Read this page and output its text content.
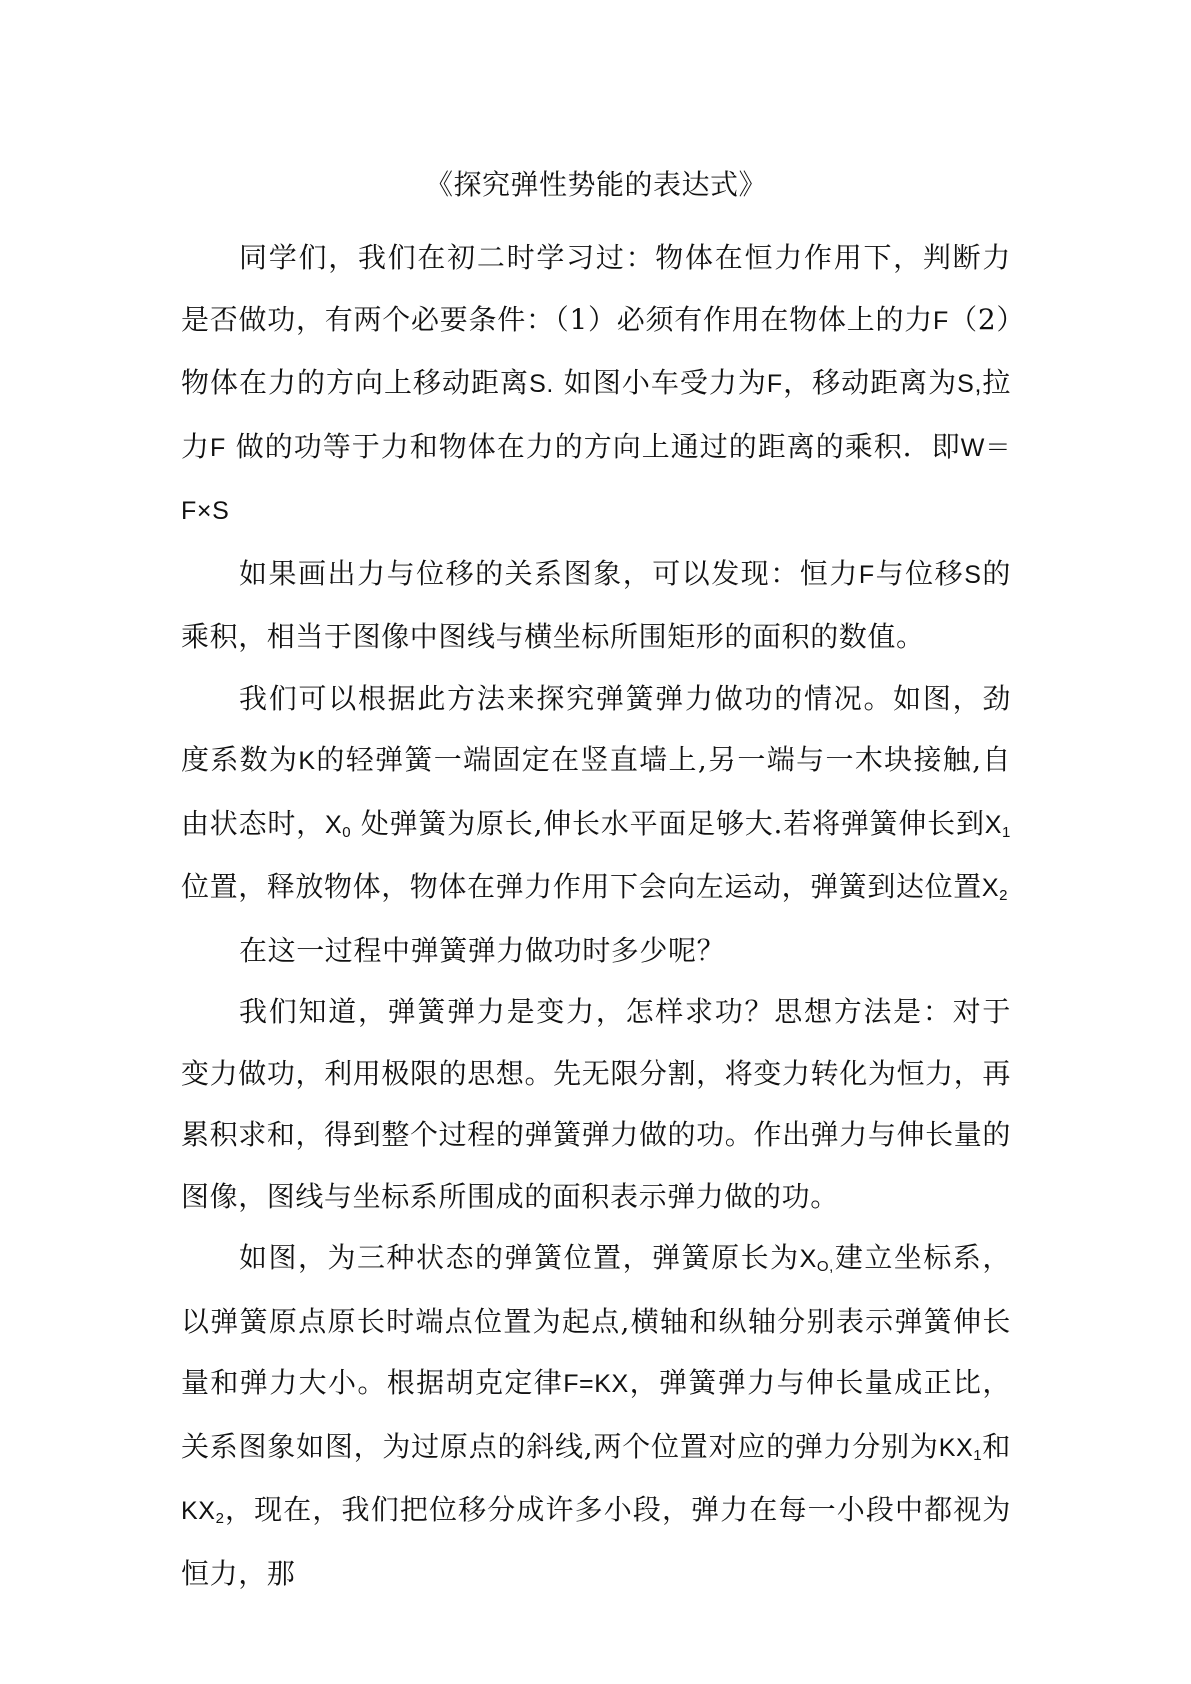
《探究弹性势能的表达式》

同学们，我们在初二时学习过：物体在恒力作用下，判断力是否做功，有两个必要条件：（1）必须有作用在物体上的力F（2）物体在力的方向上移动距离S. 如图小车受力为F，移动距离为S,拉力F 做的功等于力和物体在力的方向上通过的距离的乘积．即W＝F×S

如果画出力与位移的关系图象，可以发现：恒力F与位移S的乘积，相当于图像中图线与横坐标所围矩形的面积的数值。

我们可以根据此方法来探究弹簧弹力做功的情况。如图，劲度系数为K的轻弹簧一端固定在竖直墙上,另一端与一木块接触,自由状态时，$X_0$ 处弹簧为原长,伸长水平面足够大.若将弹簧伸长到$X_1$位置，释放物体，物体在弹力作用下会向左运动，弹簧到达位置$X_2$

在这一过程中弹簧弹力做功时多少呢？

我们知道，弹簧弹力是变力，怎样求功？思想方法是：对于变力做功，利用极限的思想。先无限分割，将变力转化为恒力，再累积求和，得到整个过程的弹簧弹力做的功。作出弹力与伸长量的图像，图线与坐标系所围成的面积表示弹力做的功。

如图，为三种状态的弹簧位置，弹簧原长为$X_{O,}$建立坐标系，以弹簧原点原长时端点位置为起点,横轴和纵轴分别表示弹簧伸长量和弹力大小。根据胡克定律F=KX，弹簧弹力与伸长量成正比，关系图象如图，为过原点的斜线,两个位置对应的弹力分别为$KX_1$和$KX_2$，现在，我们把位移分成许多小段，弹力在每一小段中都视为恒力，那
